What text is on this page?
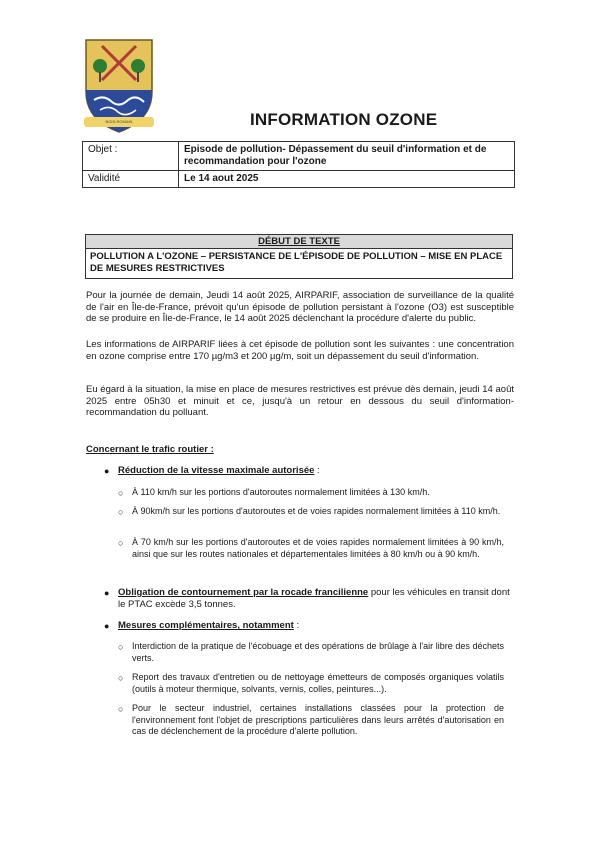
BOIS-ROMAIN	INFORMATION OZONE
Objet :	Episode de pollution- Dépassement du seuil d'information et de recommandation pour l'ozone
Validité	Le 14 aout 2025
DÉBUT DE TEXTE
POLLUTION A L'OZONE – PERSISTANCE DE L'ÉPISODE DE POLLUTION – MISE EN PLACE DE MESURES RESTRICTIVES

Pour la journée de demain, Jeudi 14 août 2025, AIRPARIF, association de surveillance de la qualité de l'air en Île-de-France, prévoit qu'un épisode de pollution persistant à l'ozone (O3) est susceptible de se produire en Île-de-France, le 14 août 2025 déclenchant la procédure d'alerte du public.

Les informations de AIRPARIF liées à cet épisode de pollution sont les suivantes : une concentration en ozone comprise entre 170 µg/m3 et 200 µg/m, soit un dépassement du seuil d'information.

Eu égard à la situation, la mise en place de mesures restrictives est prévue dès demain, jeudi 14 août 2025 entre 05h30 et minuit et ce, jusqu'à un retour en dessous du seuil d'information-recommandation du polluant.

Concernant le trafic routier :
● Réduction de la vitesse maximale autorisée :

○ À 110 km/h sur les portions d'autoroutes normalement limitées à 130 km/h.

○ À 90km/h sur les portions d'autoroutes et de voies rapides normalement limitées à 110 km/h.

○ À 70 km/h sur les portions d'autoroutes et de voies rapides normalement limitées à 90 km/h, ainsi que sur les routes nationales et départementales limitées à 80 km/h ou à 90 km/h.

● Obligation de contournement par la rocade francilienne pour les véhicules en transit dont le PTAC excède 3,5 tonnes.

● Mesures complémentaires, notamment :

○ Interdiction de la pratique de l'écobuage et des opérations de brûlage à l'air libre des déchets verts.

○ Report des travaux d'entretien ou de nettoyage émetteurs de composés organiques volatils (outils à moteur thermique, solvants, vernis, colles, peintures...).

○ Pour le secteur industriel, certaines installations classées pour la protection de l'environnement font l'objet de prescriptions particulières dans leurs arrêtés d'autorisation en cas de déclenchement de la procédure d'alerte pollution.
